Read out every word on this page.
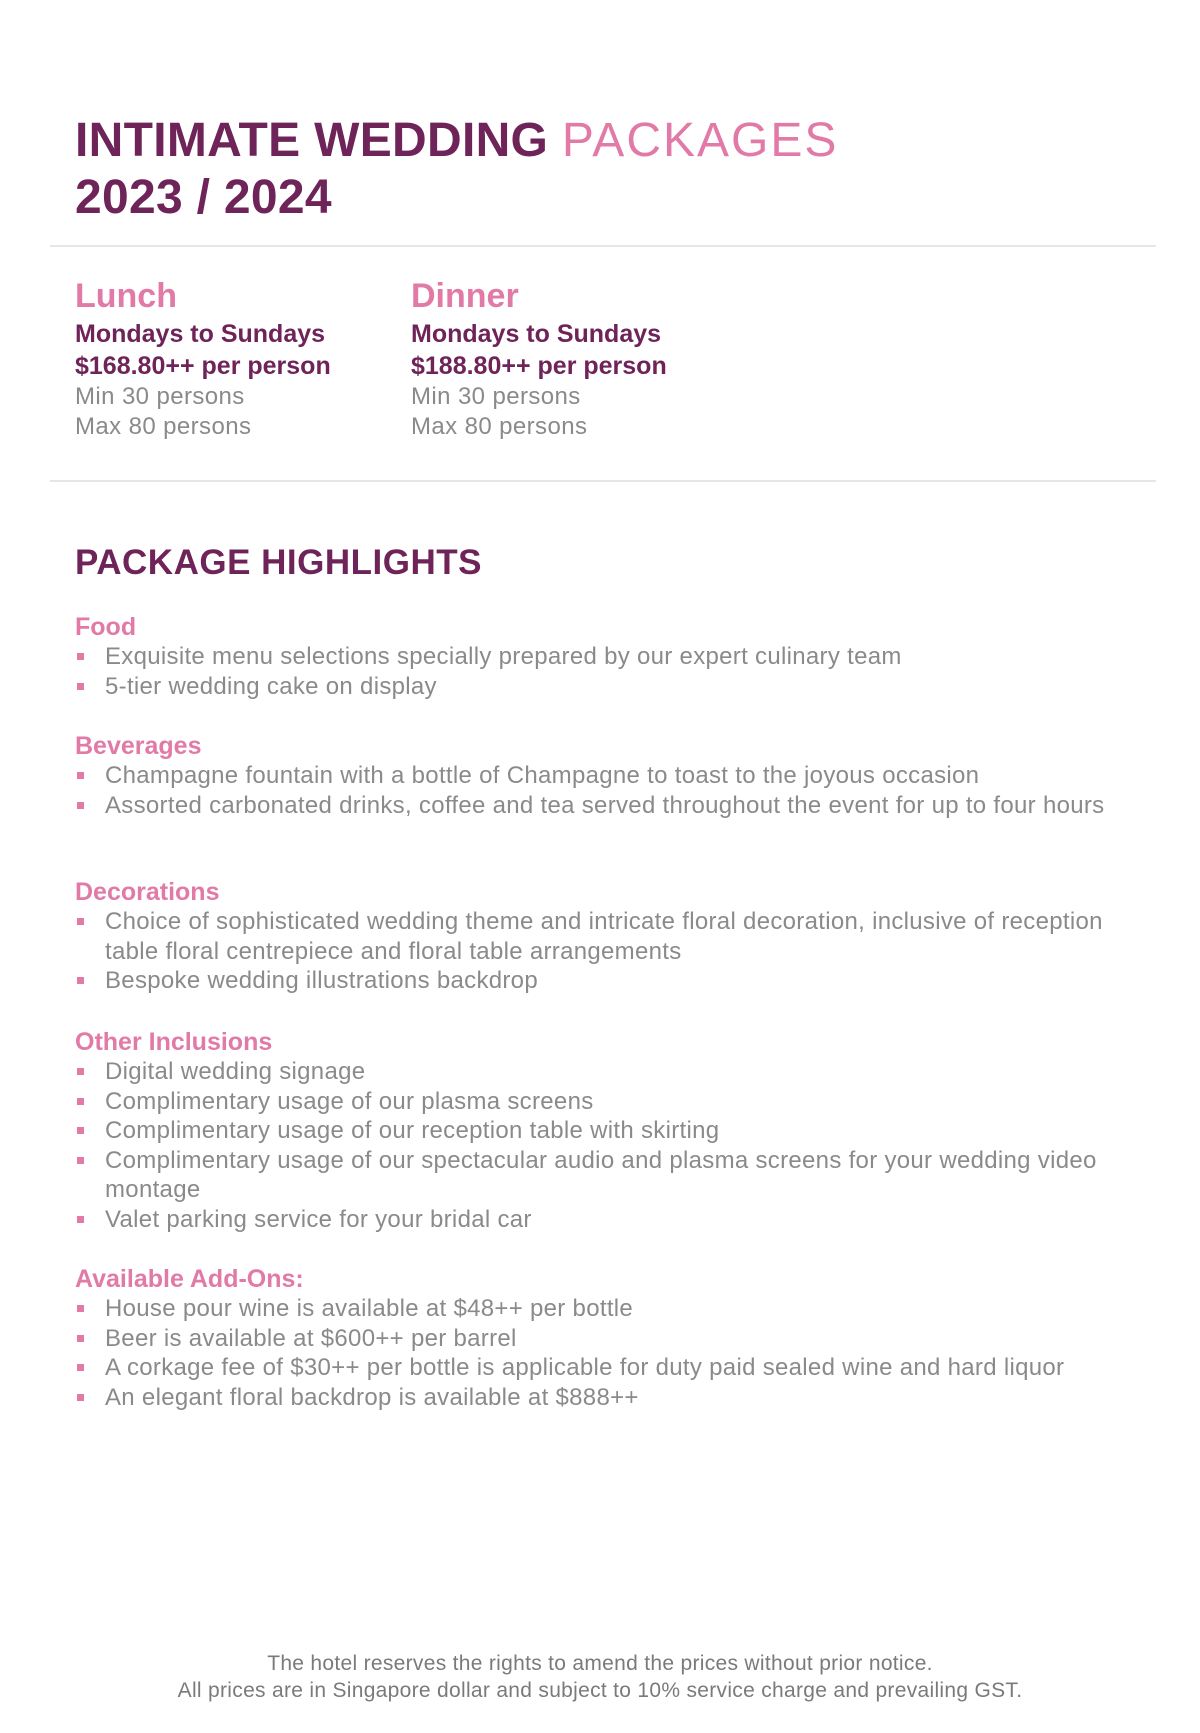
INTIMATE WEDDING PACKAGES
2023 / 2024
Lunch
Mondays to Sundays
$168.80++ per person
Min 30 persons
Max 80 persons
Dinner
Mondays to Sundays
$188.80++ per person
Min 30 persons
Max 80 persons
PACKAGE HIGHLIGHTS
Food
Exquisite menu selections specially prepared by our expert culinary team
5-tier wedding cake on display
Beverages
Champagne fountain with a bottle of Champagne to toast to the joyous occasion
Assorted carbonated drinks, coffee and tea served throughout the event for up to four hours
Decorations
Choice of sophisticated wedding theme and intricate floral decoration, inclusive of reception table floral centrepiece and floral table arrangements
Bespoke wedding illustrations backdrop
Other Inclusions
Digital wedding signage
Complimentary usage of our plasma screens
Complimentary usage of our reception table with skirting
Complimentary usage of our spectacular audio and plasma screens for your wedding video montage
Valet parking service for your bridal car
Available Add-Ons:
House pour wine is available at $48++ per bottle
Beer is available at $600++ per barrel
A corkage fee of $30++ per bottle is applicable for duty paid sealed wine and hard liquor
An elegant floral backdrop is available at $888++
The hotel reserves the rights to amend the prices without prior notice.
All prices are in Singapore dollar and subject to 10% service charge and prevailing GST.
